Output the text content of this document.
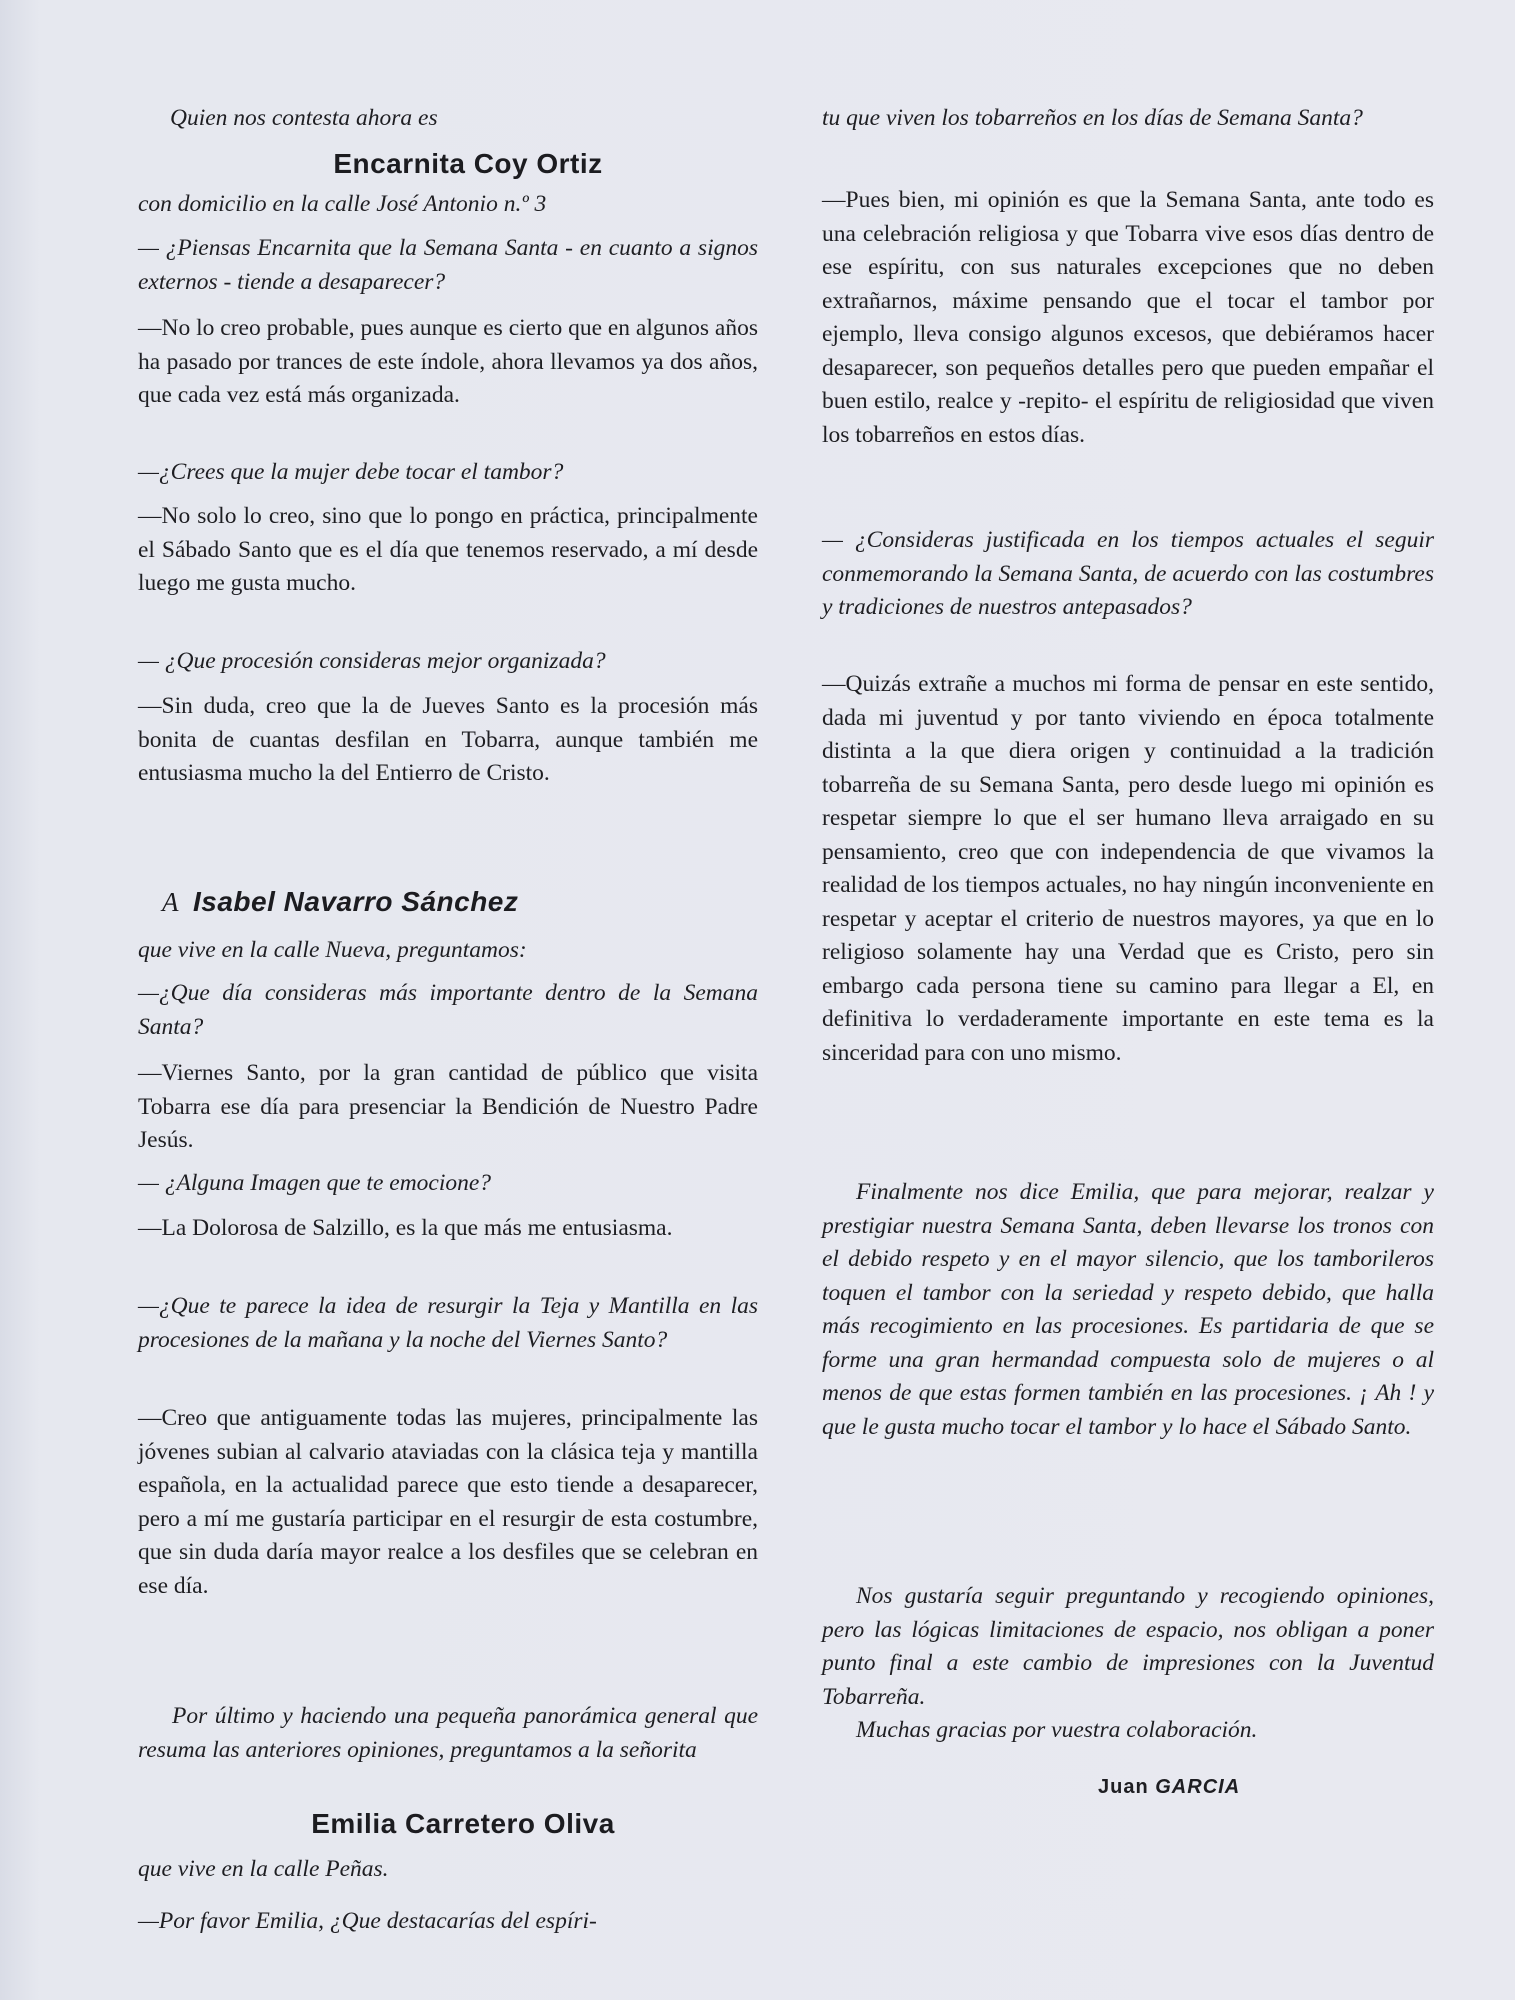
Quien nos contesta ahora es

Encarnita Coy Ortiz

con domicilio en la calle José Antonio n.º 3

— ¿Piensas Encarnita que la Semana Santa - en cuanto a signos externos - tiende a desaparecer?

—No lo creo probable, pues aunque es cierto que en algunos años ha pasado por trances de este índole, ahora llevamos ya dos años, que cada vez está más organizada.

—¿Crees que la mujer debe tocar el tambor?

—No solo lo creo, sino que lo pongo en práctica, principalmente el Sábado Santo que es el día que tenemos reservado, a mí desde luego me gusta mucho.

— ¿Que procesión consideras mejor organizada?

—Sin duda, creo que la de Jueves Santo es la procesión más bonita de cuantas desfilan en Tobarra, aunque también me entusiasma mucho la del Entierro de Cristo.

A Isabel Navarro Sánchez

que vive en la calle Nueva, preguntamos:

—¿Que día consideras más importante dentro de la Semana Santa?

—Viernes Santo, por la gran cantidad de público que visita Tobarra ese día para presenciar la Bendición de Nuestro Padre Jesús.

— ¿Alguna Imagen que te emocione?

—La Dolorosa de Salzillo, es la que más me entusiasma.

—¿Que te parece la idea de resurgir la Teja y Mantilla en las procesiones de la mañana y la noche del Viernes Santo?

—Creo que antiguamente todas las mujeres, principalmente las jóvenes subian al calvario ataviadas con la clásica teja y mantilla española, en la actualidad parece que esto tiende a desaparecer, pero a mí me gustaría participar en el resurgir de esta costumbre, que sin duda daría mayor realce a los desfiles que se celebran en ese día.

Por último y haciendo una pequeña panorámica general que resuma las anteriores opiniones, preguntamos a la señorita

Emilia Carretero Oliva

que vive en la calle Peñas.

—Por favor Emilia, ¿Que destacarías del espíri-

tu que viven los tobarreños en los días de Semana Santa?

—Pues bien, mi opinión es que la Semana Santa, ante todo es una celebración religiosa y que Tobarra vive esos días dentro de ese espíritu, con sus naturales excepciones que no deben extrañarnos, máxime pensando que el tocar el tambor por ejemplo, lleva consigo algunos excesos, que debiéramos hacer desaparecer, son pequeños detalles pero que pueden empañar el buen estilo, realce y -repito- el espíritu de religiosidad que viven los tobarreños en estos días.

— ¿Consideras justificada en los tiempos actuales el seguir conmemorando la Semana Santa, de acuerdo con las costumbres y tradiciones de nuestros antepasados?

—Quizás extrañe a muchos mi forma de pensar en este sentido, dada mi juventud y por tanto viviendo en época totalmente distinta a la que diera origen y continuidad a la tradición tobarreña de su Semana Santa, pero desde luego mi opinión es respetar siempre lo que el ser humano lleva arraigado en su pensamiento, creo que con independencia de que vivamos la realidad de los tiempos actuales, no hay ningún inconveniente en respetar y aceptar el criterio de nuestros mayores, ya que en lo religioso solamente hay una Verdad que es Cristo, pero sin embargo cada persona tiene su camino para llegar a El, en definitiva lo verdaderamente importante en este tema es la sinceridad para con uno mismo.

Finalmente nos dice Emilia, que para mejorar, realzar y prestigiar nuestra Semana Santa, deben llevarse los tronos con el debido respeto y en el mayor silencio, que los tamborileros toquen el tambor con la seriedad y respeto debido, que halla más recogimiento en las procesiones. Es partidaria de que se forme una gran hermandad compuesta solo de mujeres o al menos de que estas formen también en las procesiones. ¡ Ah ! y que le gusta mucho tocar el tambor y lo hace el Sábado Santo.

Nos gustaría seguir preguntando y recogiendo opiniones, pero las lógicas limitaciones de espacio, nos obligan a poner punto final a este cambio de impresiones con la Juventud Tobarreña.

Muchas gracias por vuestra colaboración.

Juan GARCIA
